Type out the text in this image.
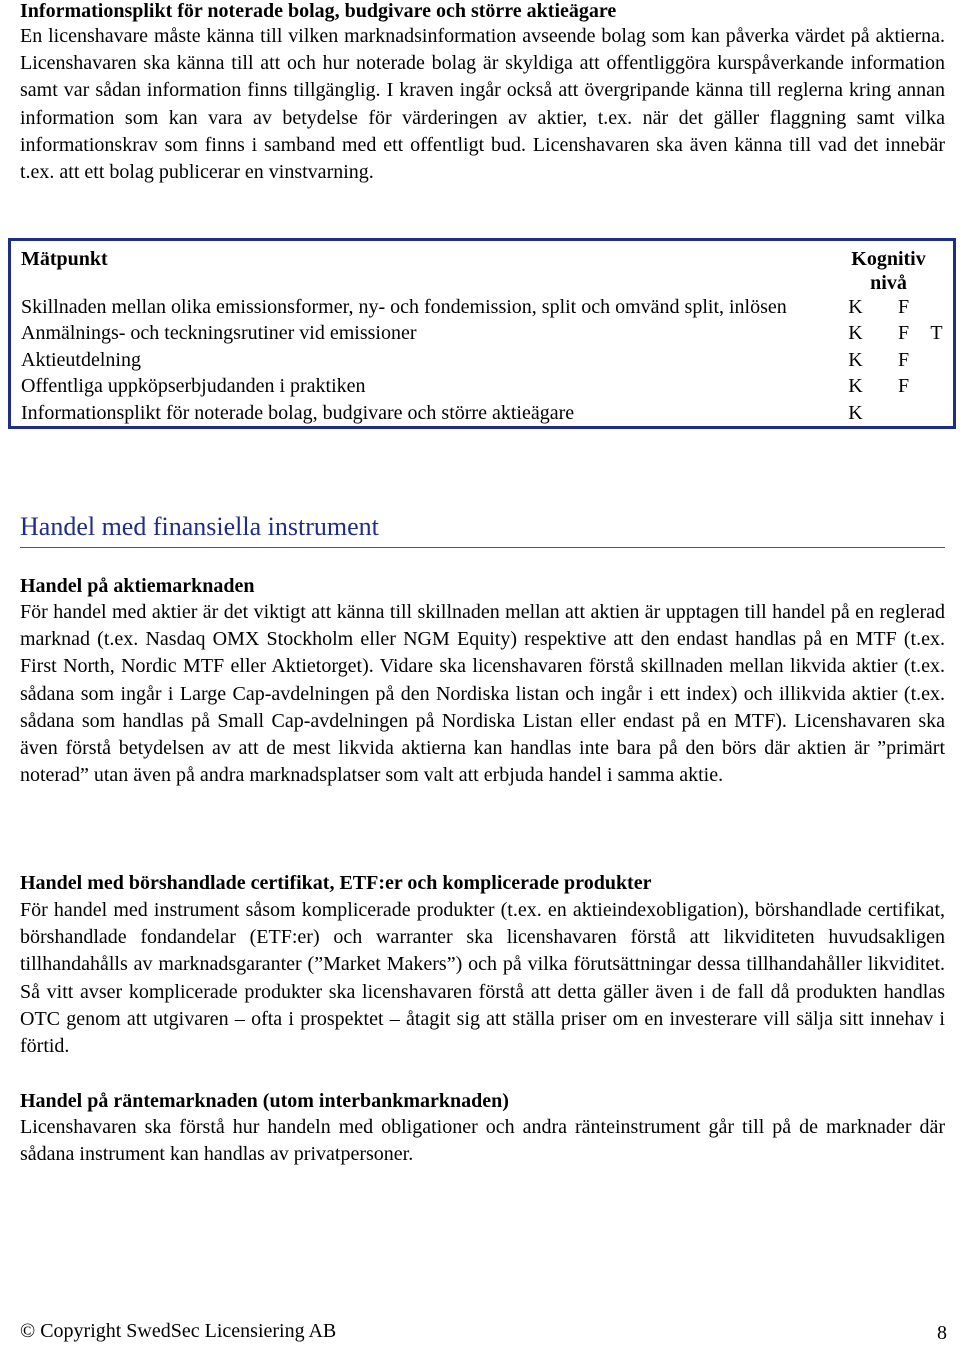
Informationsplikt för noterade bolag, budgivare och större aktieägare

En licenshavare måste känna till vilken marknadsinformation avseende bolag som kan påverka värdet på aktierna. Licenshavaren ska känna till att och hur noterade bolag är skyldiga att offentliggöra kurspåverkande information samt var sådan information finns tillgänglig. I kraven ingår också att övergripande känna till reglerna kring annan information som kan vara av betydelse för värderingen av aktier, t.ex. när det gäller flaggning samt vilka informationskrav som finns i samband med ett offentligt bud. Licenshavaren ska även känna till vad det innebär t.ex. att ett bolag publicerar en vinstvarning.

Mätpunkt	Kognitiv
nivå		
Skillnaden mellan olika emissionsformer, ny- och fondemission, split och omvänd split, inlösen	K	F	
Anmälnings- och teckningsrutiner vid emissioner	K	F	T
Aktieutdelning	K	F	
Offentliga uppköpserbjudanden i praktiken	K	F	
Informationsplikt för noterade bolag, budgivare och större aktieägare	K		
Handel med finansiella instrument
Handel på aktiemarknaden

För handel med aktier är det viktigt att känna till skillnaden mellan att aktien är upptagen till handel på en reglerad marknad (t.ex. Nasdaq OMX Stockholm eller NGM Equity) respektive att den endast handlas på en MTF (t.ex. First North, Nordic MTF eller Aktietorget). Vidare ska licenshavaren förstå skillnaden mellan likvida aktier (t.ex. sådana som ingår i Large Cap-avdelningen på den Nordiska listan och ingår i ett index) och illikvida aktier (t.ex. sådana som handlas på Small Cap-avdelningen på Nordiska Listan eller endast på en MTF). Licenshavaren ska även förstå betydelsen av att de mest likvida aktierna kan handlas inte bara på den börs där aktien är ”primärt noterad” utan även på andra marknadsplatser som valt att erbjuda handel i samma aktie.

Handel med börshandlade certifikat, ETF:er och komplicerade produkter

För handel med instrument såsom komplicerade produkter (t.ex. en aktieindexobligation), börshandlade certifikat, börshandlade fondandelar (ETF:er) och warranter ska licenshavaren förstå att likviditeten huvudsakligen tillhandahålls av marknadsgaranter (”Market Makers”) och på vilka förutsättningar dessa tillhandahåller likviditet. Så vitt avser komplicerade produkter ska licenshavaren förstå att detta gäller även i de fall då produkten handlas OTC genom att utgivaren – ofta i prospektet – åtagit sig att ställa priser om en investerare vill sälja sitt innehav i förtid.

Handel på räntemarknaden (utom interbankmarknaden)

Licenshavaren ska förstå hur handeln med obligationer och andra ränteinstrument går till på de marknader där sådana instrument kan handlas av privatpersoner.

© Copyright SwedSec Licensiering AB	8
